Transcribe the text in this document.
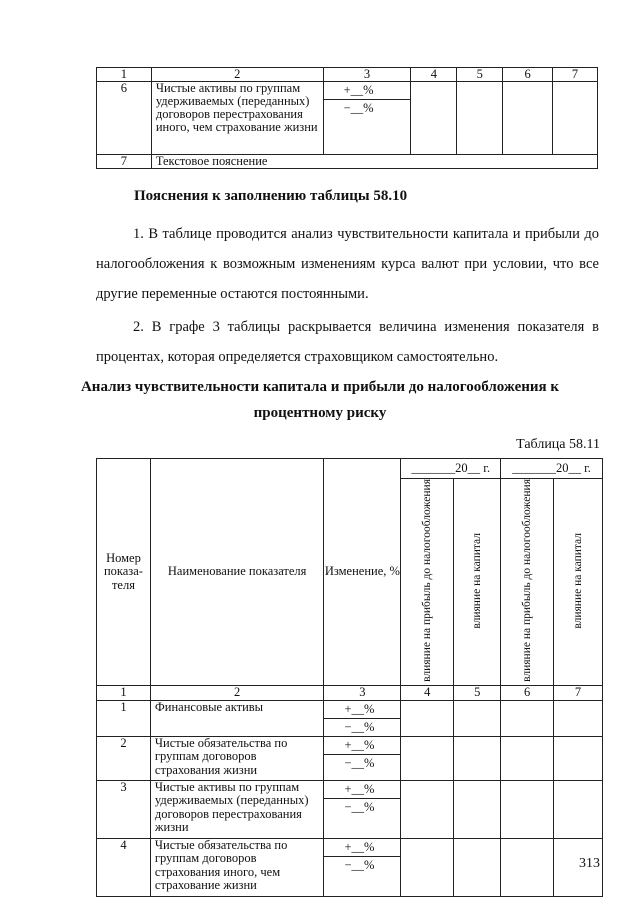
1	2	3	4	5	6	7
6	Чистые активы по группам удерживаемых (переданных) договоров перестрахования иного, чем страхование жизни	+__%
−__%				

7	Текстовое пояснение					
Пояснения к заполнению таблицы 58.10
1. В таблице проводится анализ чувствительности капитала и прибыли до налогообложения к возможным изменениям курса валют при условии, что все другие переменные остаются постоянными.
2. В графе 3 таблицы раскрывается величина изменения показателя в процентах, которая определяется страховщиком самостоятельно.
Анализ чувствительности капитала и прибыли до налогообложения к
процентному риску
Таблица 58.11
Номер показа-теля	Наименование показателя	Изменение, %	_______20__ г.		_______20__ г.	
			влияние на прибыль до налогообложения	влияние на капитал	влияние на прибыль до налогообложения	влияние на капитал
1	2	3	4	5	6	7
1	Финансовые активы	+__%
−__%				

2	Чистые обязательства по группам договоров страхования жизни	+__%
−__%				

3	Чистые активы по группам удерживаемых (переданных) договоров перестрахования жизни	+__%
−__%				

4	Чистые обязательства по группам договоров страхования иного, чем страхование жизни	+__%
−__%				
					313
